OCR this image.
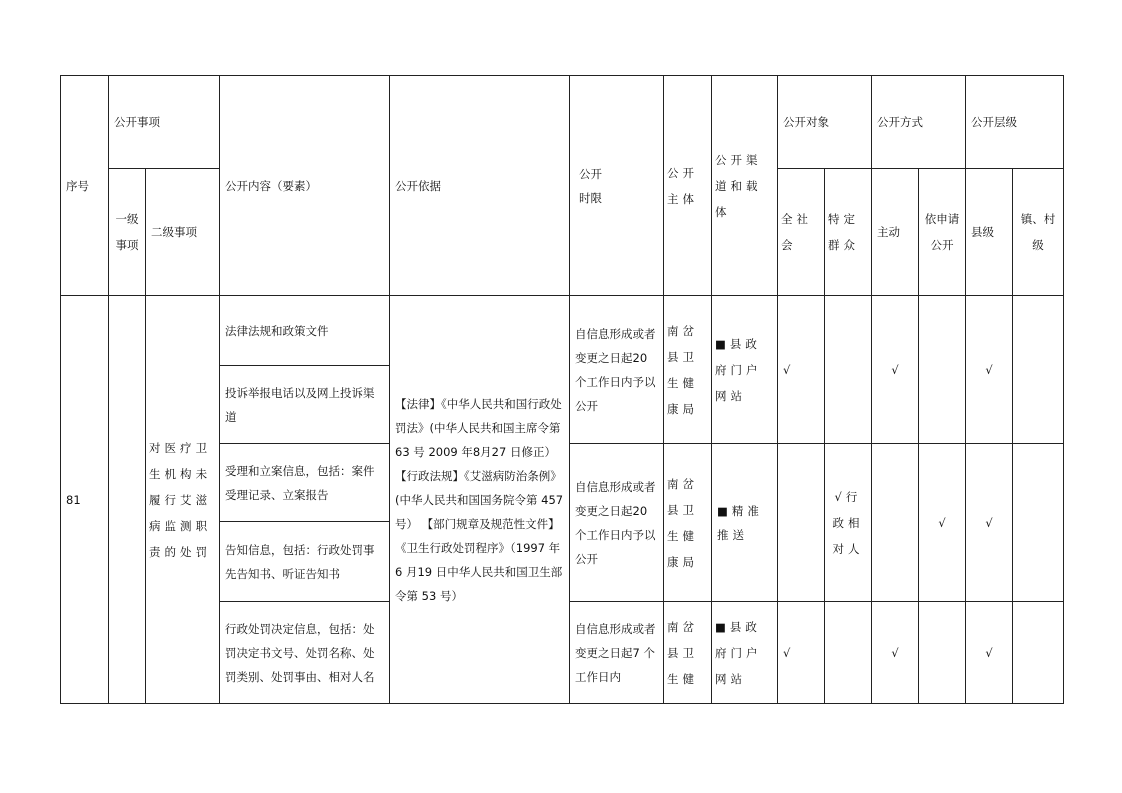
序号	公开事项		公开内容（要素）	公开依据	公开时限	公开主体	公开渠道和载体	公开对象		公开方式		公开层级	
	一级事项	二级事项						全社会	特定群众	主动	依申请公开	县级	镇、村级
81		对医疗卫生机构未履行艾滋病监测职责的处罚	法律法规和政策文件	【法律】《中华人民共和国行政处罚法》(中华人民共和国主席令第 63 号 2009 年8月27 日修正） 【行政法规】《艾滋病防治条例》(中华人民共和国国务院令第 457 号） 【部门规章及规范性文件】《卫生行政处罚程序》（1997 年6 月19 日中华人民共和国卫生部令第 53 号）	自信息形成或者变更之日起20 个工作日内予以公开	南岔县卫生健康局	■县政府门户网站	√		√		√	
			投诉举报电话以及网上投诉渠道										
			受理和立案信息，包括：案件受理记录、立案报告		自信息形成或者变更之日起20 个工作日内予以公开	南岔县卫生健康局	■精准推送		√行政相对人		√	√	
			告知信息，包括：行政处罚事先告知书、听证告知书										
			行政处罚决定信息，包括：处罚决定书文号、处罚名称、处罚类别、处罚事由、相对人名		自信息形成或者变更之日起7 个工作日内	南岔县卫生健	■县政府门户网站	√		√		√	
